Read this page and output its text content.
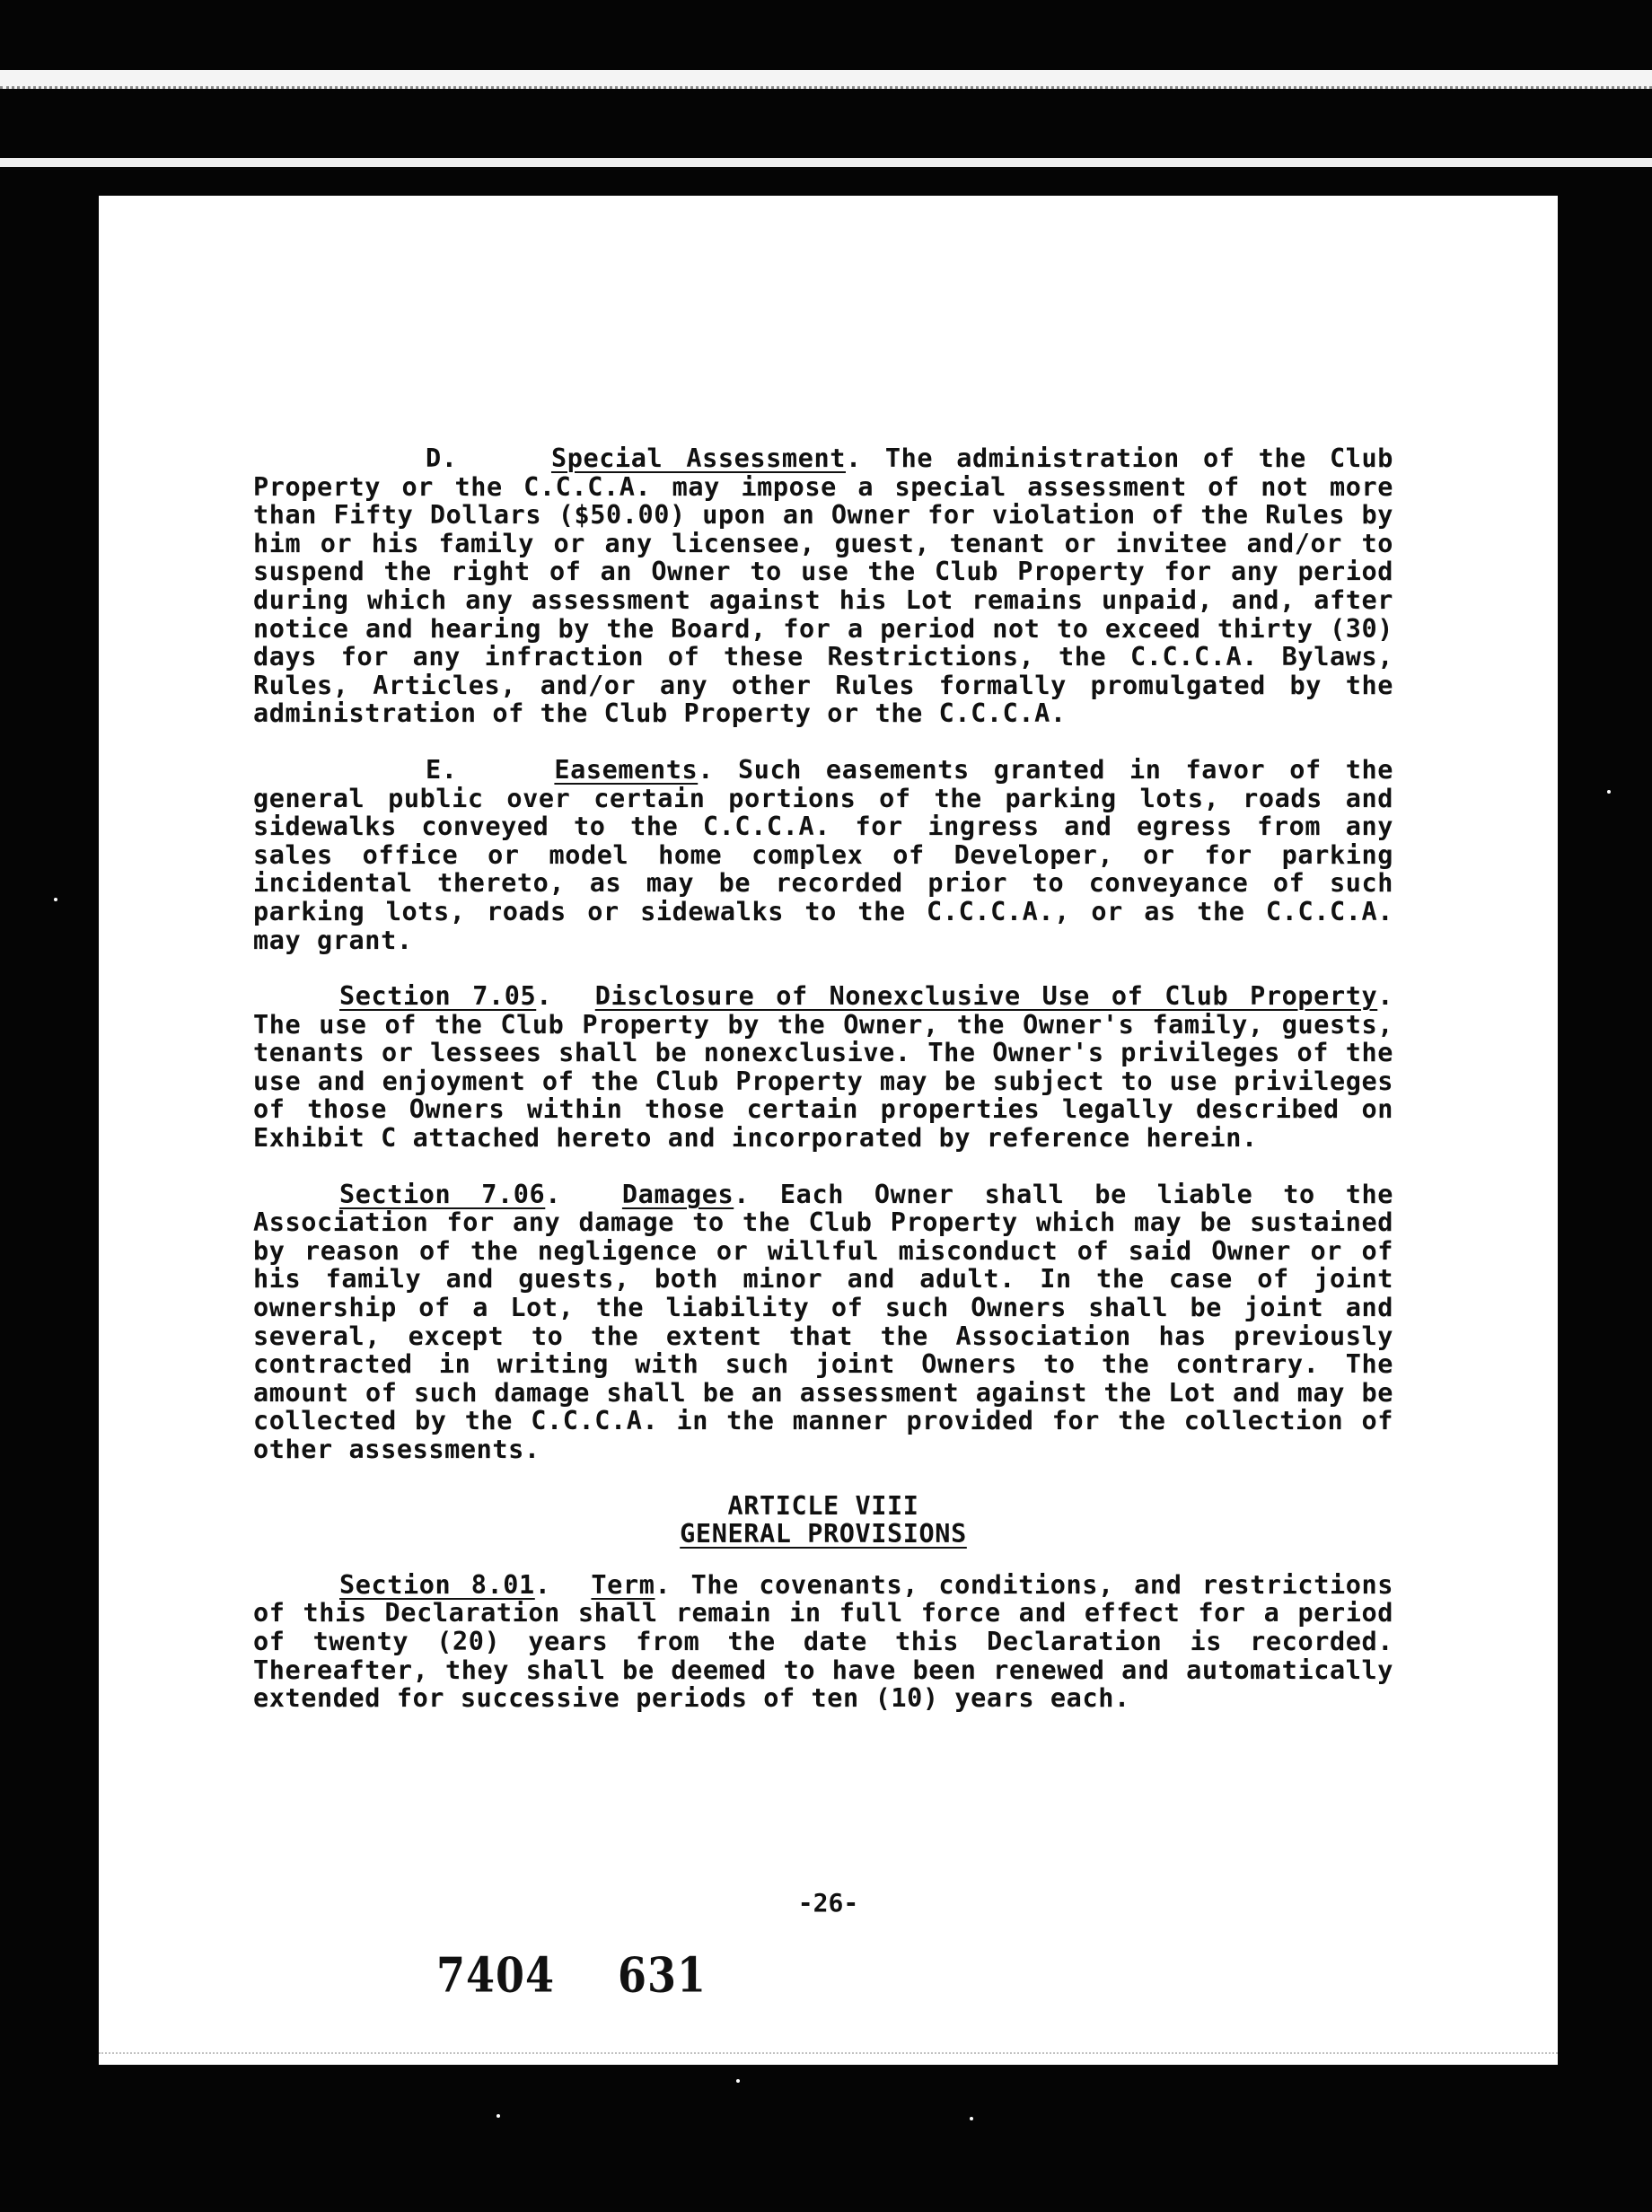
D.	Special Assessment. The administration of the Club Property or the C.C.C.A. may impose a special assessment of not more than Fifty Dollars ($50.00) upon an Owner for violation of the Rules by him or his family or any licensee, guest, tenant or invitee and/or to suspend the right of an Owner to use the Club Property for any period during which any assessment against his Lot remains unpaid, and, after notice and hearing by the Board, for a period not to exceed thirty (30) days for any infraction of these Restrictions, the C.C.C.A. Bylaws, Rules, Articles, and/or any other Rules formally promulgated by the administration of the Club Property or the C.C.C.A.

E.	Easements. Such easements granted in favor of the general public over certain portions of the parking lots, roads and sidewalks conveyed to the C.C.C.A. for ingress and egress from any sales office or model home complex of Developer, or for parking incidental thereto, as may be recorded prior to conveyance of such parking lots, roads or sidewalks to the C.C.C.A., or as the C.C.C.A. may grant.

Section 7.05.  Disclosure of Nonexclusive Use of Club Property. The use of the Club Property by the Owner, the Owner's family, guests, tenants or lessees shall be nonexclusive. The Owner's privileges of the use and enjoyment of the Club Property may be subject to use privileges of those Owners within those certain properties legally described on Exhibit C attached hereto and incorporated by reference herein.

Section 7.06.  Damages. Each Owner shall be liable to the Association for any damage to the Club Property which may be sustained by reason of the negligence or willful misconduct of said Owner or of his family and guests, both minor and adult. In the case of joint ownership of a Lot, the liability of such Owners shall be joint and several, except to the extent that the Association has previously contracted in writing with such joint Owners to the contrary. The amount of such damage shall be an assessment against the Lot and may be collected by the C.C.C.A. in the manner provided for the collection of other assessments.

ARTICLE VIII
GENERAL PROVISIONS

Section 8.01.  Term. The covenants, conditions, and restrictions of this Declaration shall remain in full force and effect for a period of twenty (20) years from the date this Declaration is recorded. Thereafter, they shall be deemed to have been renewed and automatically extended for successive periods of ten (10) years each.

-26-
7404 631
